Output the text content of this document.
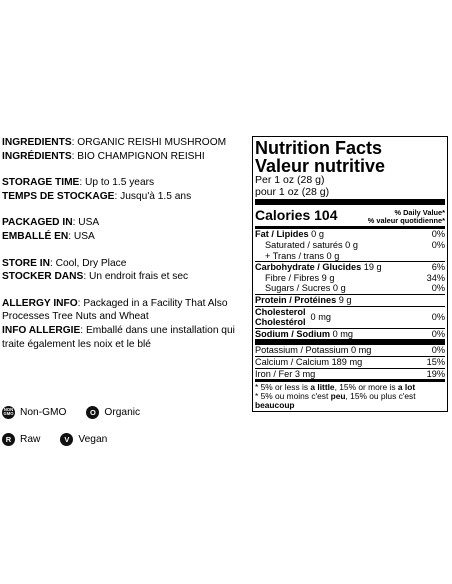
INGREDIENTS: ORGANIC REISHI MUSHROOM

INGRÉDIENTS: BIO CHAMPIGNON REISHI

STORAGE TIME: Up to 1.5 years

TEMPS DE STOCKAGE: Jusqu'à 1.5 ans

PACKAGED IN: USA

EMBALLÉ EN: USA

STORE IN: Cool, Dry Place

STOCKER DANS: Un endroit frais et sec

ALLERGY INFO: Packaged in a Facility That Also Processes Tree Nuts and Wheat

INFO ALLERGIE: Emballé dans une installation qui traite également les noix et le blé

NON GMO Non-GMO	O Organic
R Raw	V Vegan
Nutrition Facts
Valeur nutritive
Per 1 oz (28 g)
pour 1 oz (28 g)
Calories 104	% Daily Value*
% valeur quotidienne*
Fat / Lipides 0 g	0%
Saturated / saturés 0 g	0%
+ Trans / trans 0 g
Carbohydrate / Glucides 19 g	6%
Fibre / Fibres 9 g	34%
Sugars / Sucres 0 g	0%
Protein / Protéines 9 g
Cholesterol
Cholestérol
0 mg	0%
Sodium / Sodium 0 mg	0%
Potassium / Potassium 0 mg	0%
Calcium / Calcium 189 mg	15%
Iron / Fer 3 mg	19%
* 5% or less is a little, 15% or more is a lot
* 5% ou moins c'est peu, 15% ou plus c'est beaucoup
